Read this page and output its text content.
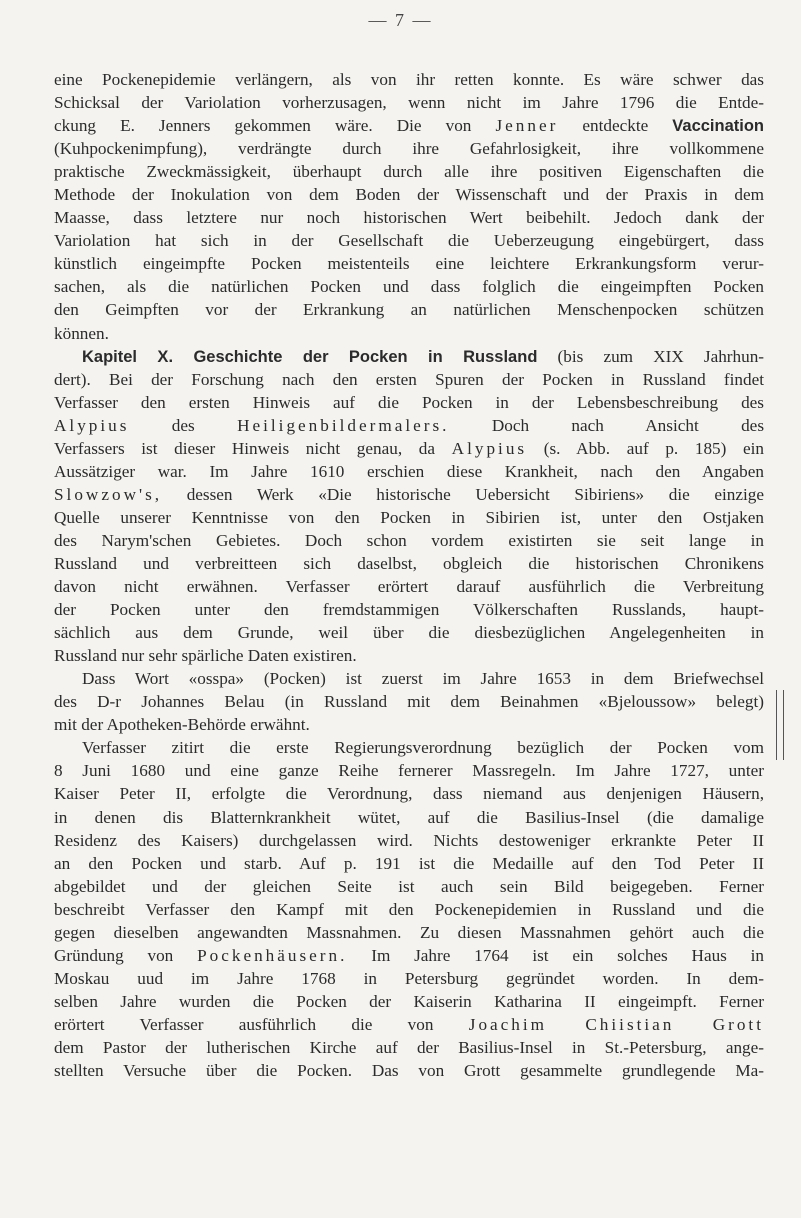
— 7 —
eine Pockenepidemie verlängern, als von ihr retten konnte. Es wäre schwer das
Schicksal der Variolation vorherzusagen, wenn nicht im Jahre 1796 die Entde-
ckung E. Jenners gekommen wäre. Die von Jenner entdeckte Vaccination
(Kuhpockenimpfung), verdrängte durch ihre Gefahrlosigkeit, ihre vollkommene
praktische Zweckmässigkeit, überhaupt durch alle ihre positiven Eigenschaften die
Methode der Inokulation von dem Boden der Wissenschaft und der Praxis in dem
Maasse, dass letztere nur noch historischen Wert beibehilt. Jedoch dank der
Variolation hat sich in der Gesellschaft die Ueberzeugung eingebürgert, dass
künstlich eingeimpfte Pocken meistenteils eine leichtere Erkrankungsform verur-
sachen, als die natürlichen Pocken und dass folglich die eingeimpften Pocken
den Geimpften vor der Erkrankung an natürlichen Menschenpocken schützen
können.
Kapitel X. Geschichte der Pocken in Russland (bis zum XIX Jahrhun-
dert). Bei der Forschung nach den ersten Spuren der Pocken in Russland findet
Verfasser den ersten Hinweis auf die Pocken in der Lebensbeschreibung des
Alypius des Heiligenbildermalers. Doch nach Ansicht des
Verfassers ist dieser Hinweis nicht genau, da Alypius (s. Abb. auf p. 185) ein
Aussätziger war. Im Jahre 1610 erschien diese Krankheit, nach den Angaben
Slowzow's, dessen Werk «Die historische Uebersicht Sibiriens» die einzige
Quelle unserer Kenntnisse von den Pocken in Sibirien ist, unter den Ostjaken
des Narym'schen Gebietes. Doch schon vordem existirten sie seit lange in
Russland und verbreitteen sich daselbst, obgleich die historischen Chronikens
davon nicht erwähnen. Verfasser erörtert darauf ausführlich die Verbreitung
der Pocken unter den fremdstammigen Völkerschaften Russlands, haupt-
sächlich aus dem Grunde, weil über die diesbezüglichen Angelegenheiten in
Russland nur sehr spärliche Daten existiren.
Dass Wort «osspa» (Pocken) ist zuerst im Jahre 1653 in dem Briefwechsel
des D-r Johannes Belau (in Russland mit dem Beinahmen «Bjeloussow» belegt)
mit der Apotheken-Behörde erwähnt.
Verfasser zitirt die erste Regierungsverordnung bezüglich der Pocken vom
8 Juni 1680 und eine ganze Reihe fernerer Massregeln. Im Jahre 1727, unter
Kaiser Peter II, erfolgte die Verordnung, dass niemand aus denjenigen Häusern,
in denen dis Blatternkrankheit wütet, auf die Basilius-Insel (die damalige
Residenz des Kaisers) durchgelassen wird. Nichts destoweniger erkrankte Peter II
an den Pocken und starb. Auf p. 191 ist die Medaille auf den Tod Peter II
abgebildet und der gleichen Seite ist auch sein Bild beigegeben. Ferner
beschreibt Verfasser den Kampf mit den Pockenepidemien in Russland und die
gegen dieselben angewandten Massnahmen. Zu diesen Massnahmen gehört auch die
Gründung von Pockenhäusern. Im Jahre 1764 ist ein solches Haus in
Moskau uud im Jahre 1768 in Petersburg gegründet worden. In dem-
selben Jahre wurden die Pocken der Kaiserin Katharina II eingeimpft. Ferner
erörtert Verfasser ausführlich die von Joachim Chiistian Grott
dem Pastor der lutherischen Kirche auf der Basilius-Insel in St.-Petersburg, ange-
stellten Versuche über die Pocken. Das von Grott gesammelte grundlegende Ma-
